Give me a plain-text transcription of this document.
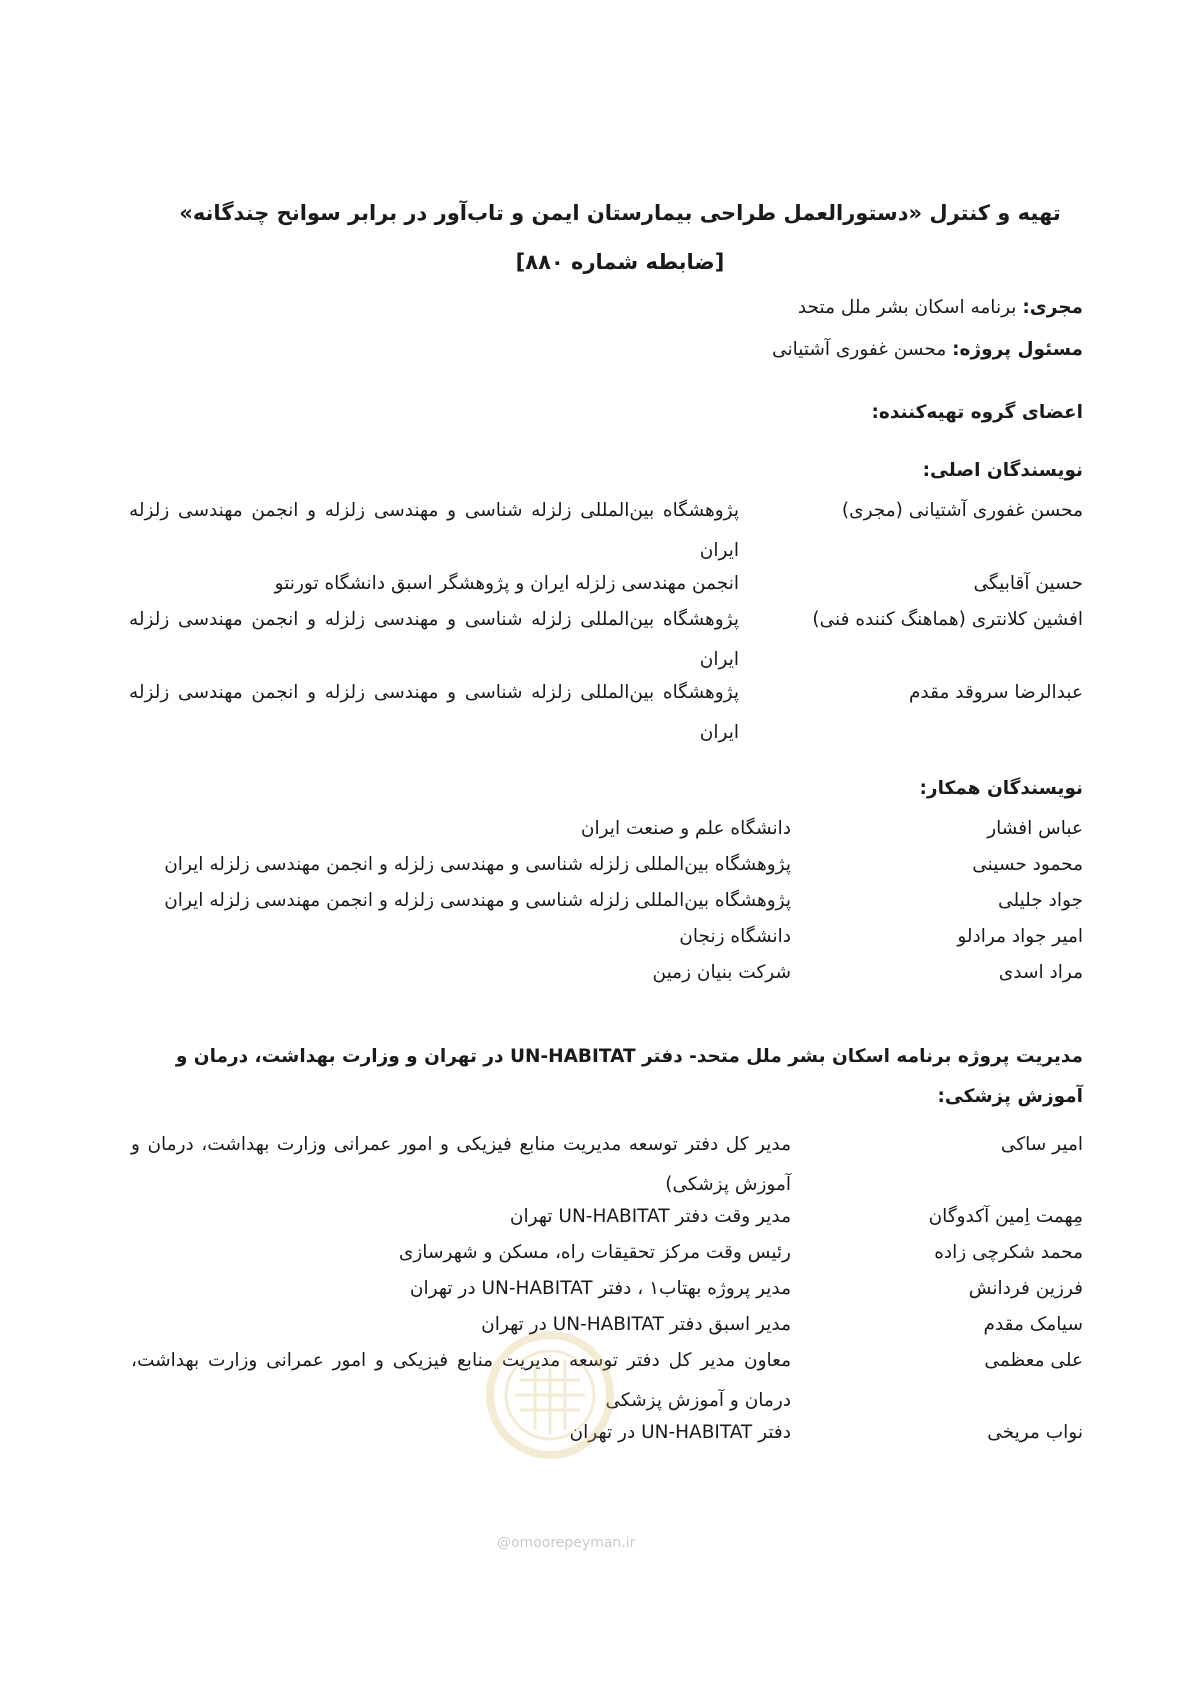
تهیه و کنترل «دستورالعمل طراحی بیمارستان ایمن و تاب‌آور در برابر سوانح چندگانه»
[ضابطه شماره ۸۸۰]
مجری: برنامه اسکان بشر ملل متحد
مسئول پروژه: محسن غفوری آشتیانی
اعضای گروه تهیه‌کننده:
نویسندگان اصلی:
محسن غفوری آشتیانی (مجری)
پژوهشگاه بین‌المللی زلزله شناسی و مهندسی زلزله و انجمن مهندسی زلزله ایران
حسین آقابیگی
انجمن مهندسی زلزله ایران و پژوهشگر اسبق دانشگاه تورنتو
افشین کلانتری (هماهنگ کننده فنی)
پژوهشگاه بین‌المللی زلزله شناسی و مهندسی زلزله و انجمن مهندسی زلزله ایران
عبدالرضا سروقد مقدم
پژوهشگاه بین‌المللی زلزله شناسی و مهندسی زلزله و انجمن مهندسی زلزله ایران
نویسندگان همکار:
عباس افشار
دانشگاه علم و صنعت ایران
محمود حسینی
پژوهشگاه بین‌المللی زلزله شناسی و مهندسی زلزله و انجمن مهندسی زلزله ایران
جواد جلیلی
پژوهشگاه بین‌المللی زلزله شناسی و مهندسی زلزله و انجمن مهندسی زلزله ایران
امیر جواد مرادلو
دانشگاه زنجان
مراد اسدی
شرکت بنیان زمین
مدیریت پروژه برنامه اسکان بشر ملل متحد- دفتر UN-HABITAT در تهران و وزارت بهداشت، درمان و آموزش پزشکی:
امیر ساکی
مدیر کل دفتر توسعه مدیریت منابع فیزیکی و امور عمرانی وزارت بهداشت، درمان و آموزش پزشکی)
مِهمت اِمین آکدوگان
مدیر وقت دفتر UN-HABITAT تهران
محمد شکرچی زاده
رئیس وقت مرکز تحقیقات راه، مسکن و شهرسازی
فرزین فردانش
مدیر پروژه بهتاب۱ ، دفتر UN-HABITAT در تهران
سیامک مقدم
مدیر اسبق دفتر UN-HABITAT در تهران
علی معظمی
معاون مدیر کل دفتر توسعه مدیریت منابع فیزیکی و امور عمرانی وزارت بهداشت، درمان و آموزش پزشکی
نواب مریخی
دفتر UN-HABITAT در تهران
@omoorepeyman.ir
